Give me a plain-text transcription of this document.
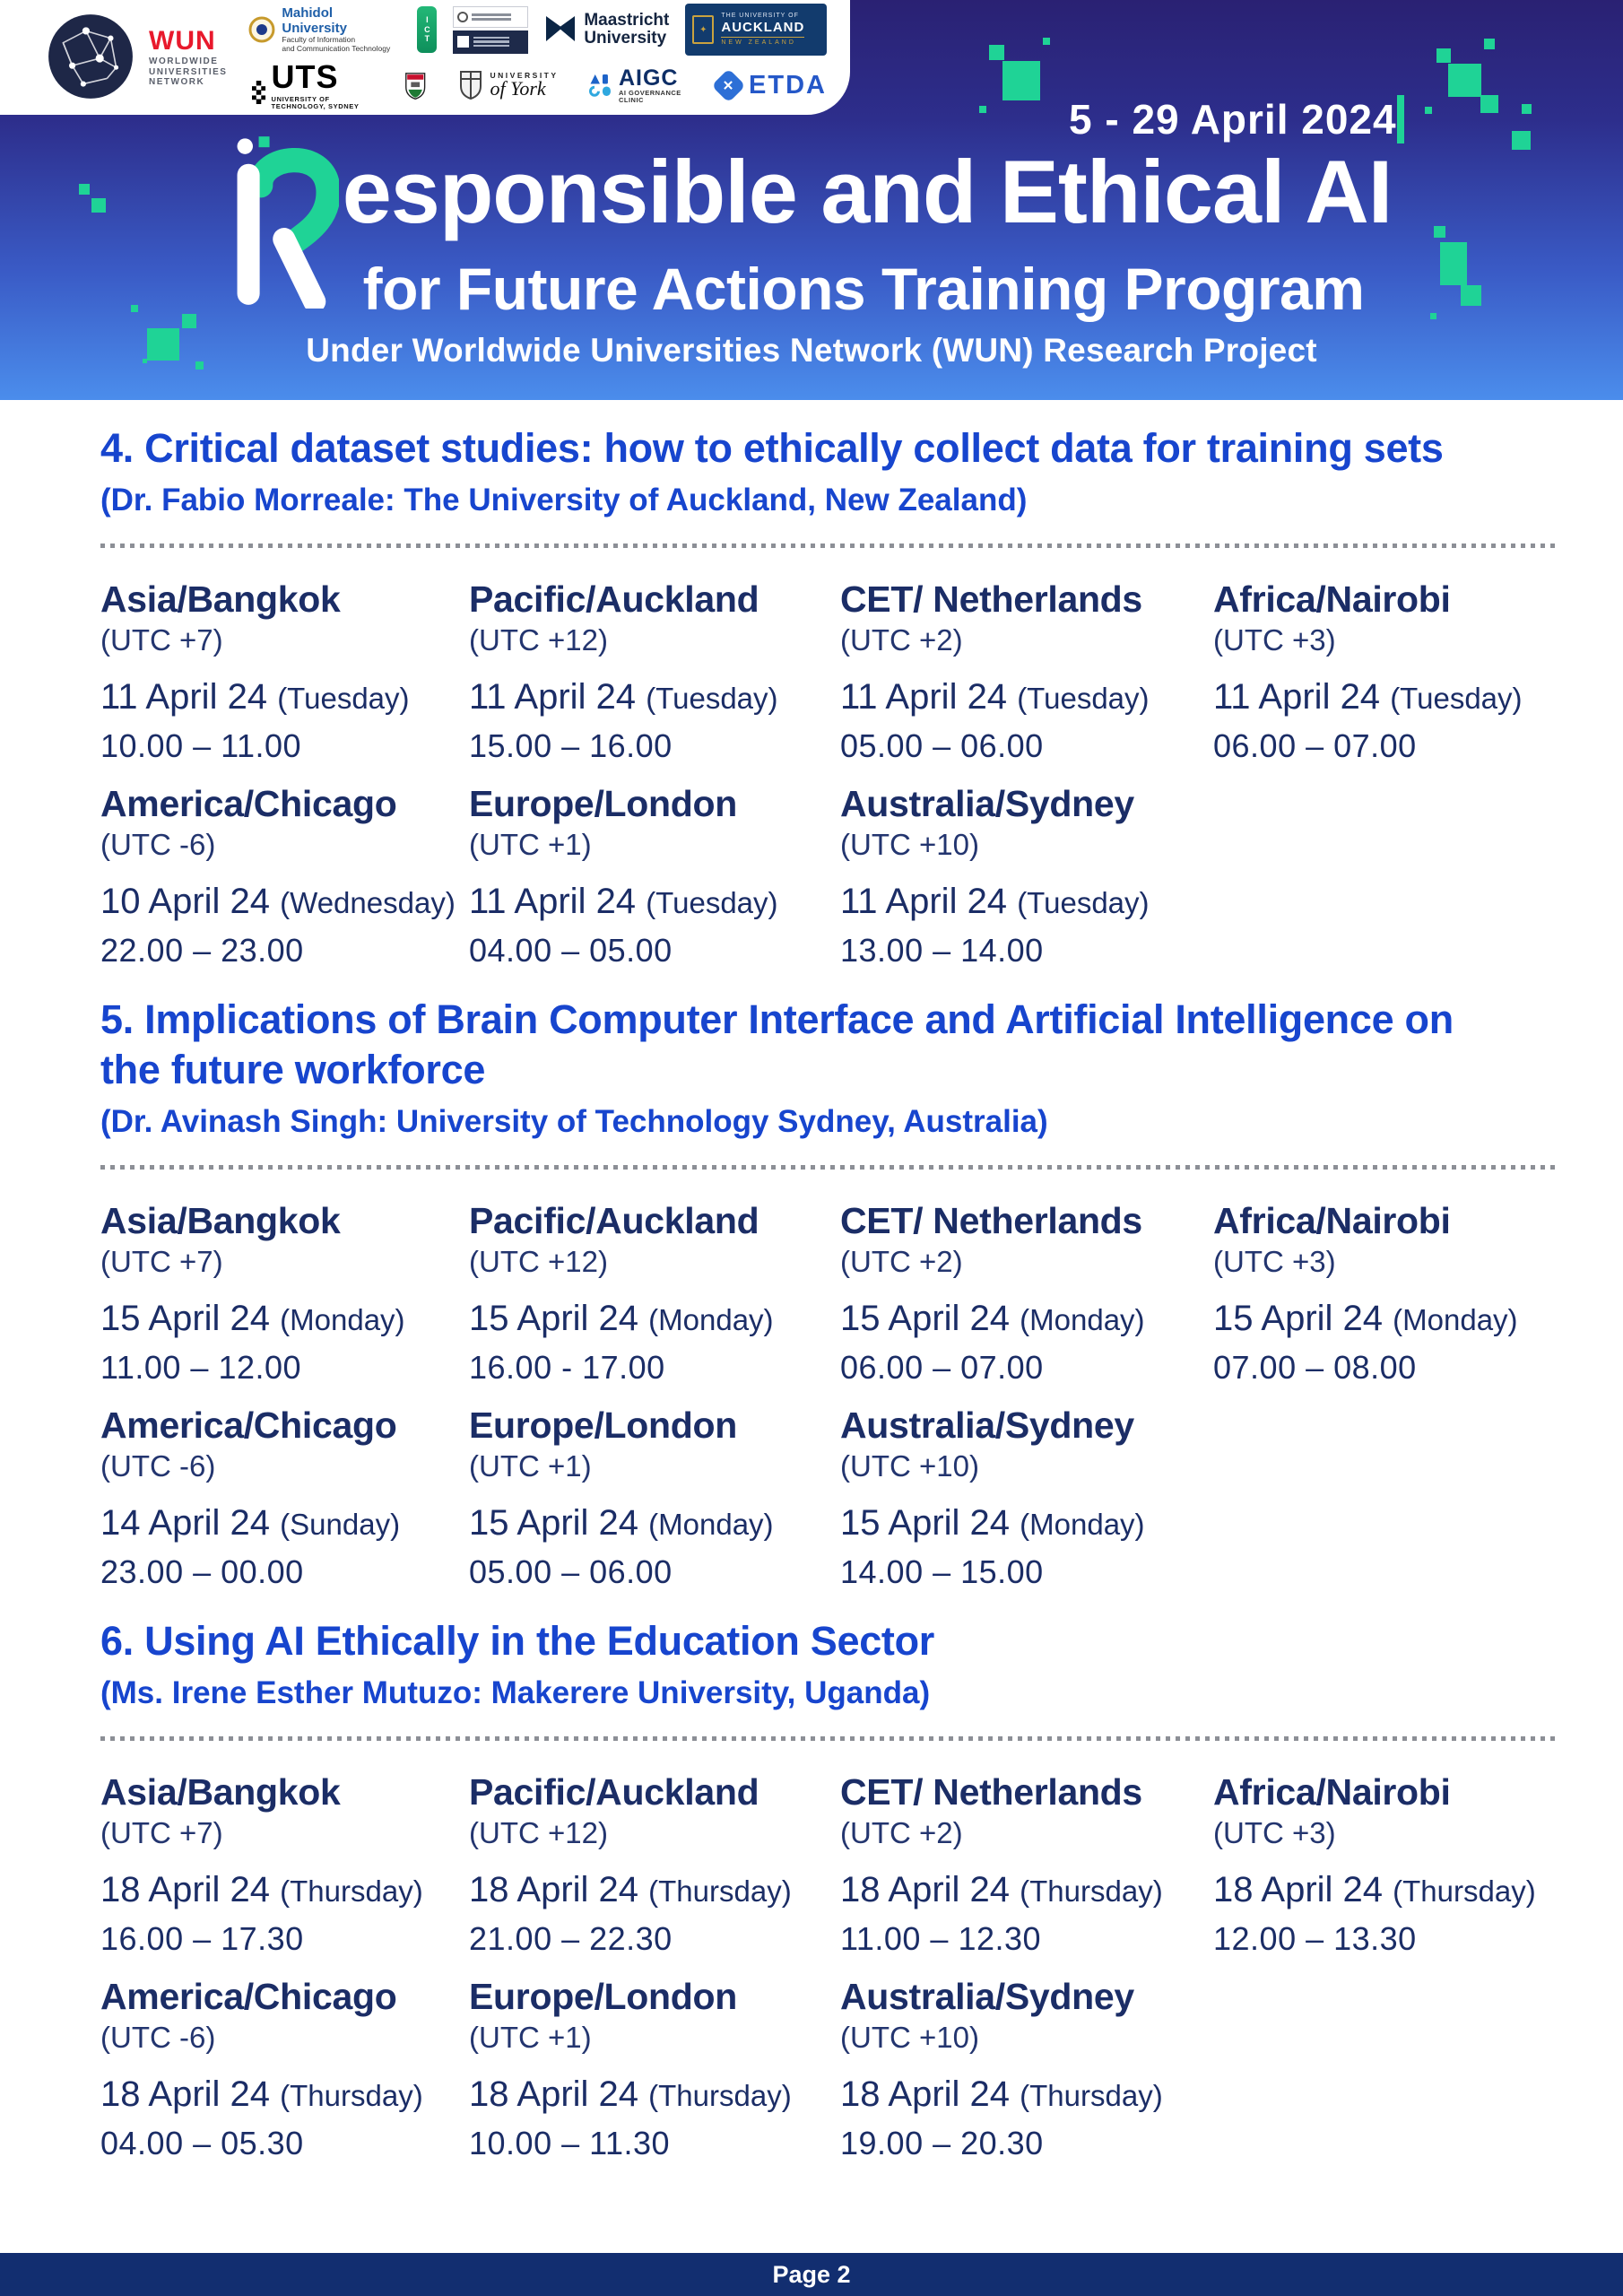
WUN
WORLDWIDE
UNIVERSITIES
NETWORK
Mahidol University
Faculty of Information
and Communication Technology
I
C
T
Maastricht
University	✦
THE UNIVERSITY OF
AUCKLAND
NEW ZEALAND
UTS
UNIVERSITY OF TECHNOLOGY, SYDNEY
UNIVERSITY
of York	AIGC
AI GOVERNANCE CLINIC
✕ ETDA
5 - 29 April 2024
esponsible and Ethical AI
for Future Actions Training Program
Under Worldwide Universities Network (WUN) Research Project
4. Critical dataset studies: how to ethically collect data for training sets
(Dr. Fabio Morreale: The University of Auckland, New Zealand)
Asia/Bangkok
(UTC +7)
11 April 24 (Tuesday)
10.00 – 11.00
Pacific/Auckland
(UTC +12)
11 April 24 (Tuesday)
15.00 – 16.00
CET/ Netherlands
(UTC +2)
11 April 24 (Tuesday)
05.00 – 06.00
Africa/Nairobi
(UTC +3)
11 April 24 (Tuesday)
06.00 – 07.00
America/Chicago
(UTC -6)
10 April 24 (Wednesday)
22.00 – 23.00
Europe/London
(UTC +1)
11 April 24 (Tuesday)
04.00 – 05.00
Australia/Sydney
(UTC +10)
11 April 24 (Tuesday)
13.00 – 14.00
5. Implications of Brain Computer Interface and Artificial Intelligence on the future workforce
(Dr. Avinash Singh: University of Technology Sydney, Australia)
Asia/Bangkok
(UTC +7)
15 April 24 (Monday)
11.00 – 12.00
Pacific/Auckland
(UTC +12)
15 April 24 (Monday)
16.00 - 17.00
CET/ Netherlands
(UTC +2)
15 April 24 (Monday)
06.00 – 07.00
Africa/Nairobi
(UTC +3)
15 April 24 (Monday)
07.00 – 08.00
America/Chicago
(UTC -6)
14 April 24 (Sunday)
23.00 – 00.00
Europe/London
(UTC +1)
15 April 24 (Monday)
05.00 – 06.00
Australia/Sydney
(UTC +10)
15 April 24 (Monday)
14.00 – 15.00
6. Using AI Ethically in the Education Sector
(Ms. Irene Esther Mutuzo: Makerere University, Uganda)
Asia/Bangkok
(UTC +7)
18 April 24 (Thursday)
16.00 – 17.30
Pacific/Auckland
(UTC +12)
18 April 24 (Thursday)
21.00 – 22.30
CET/ Netherlands
(UTC +2)
18 April 24 (Thursday)
11.00 – 12.30
Africa/Nairobi
(UTC +3)
18 April 24 (Thursday)
12.00 – 13.30
America/Chicago
(UTC -6)
18 April 24 (Thursday)
04.00 – 05.30
Europe/London
(UTC +1)
18 April 24 (Thursday)
10.00 – 11.30
Australia/Sydney
(UTC +10)
18 April 24 (Thursday)
19.00 – 20.30
Page 2
